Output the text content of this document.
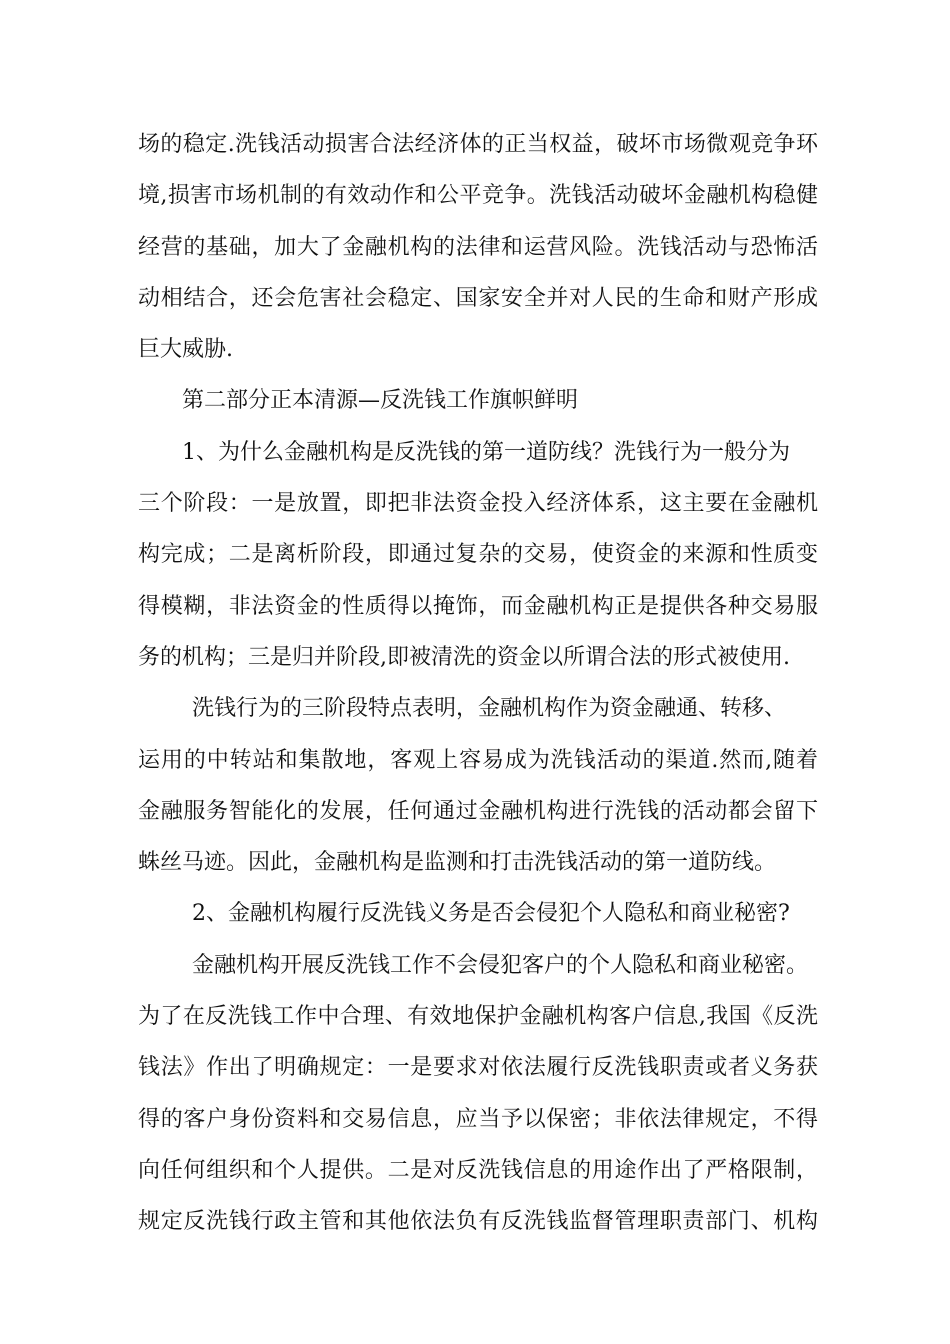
场的稳定.洗钱活动损害合法经济体的正当权益，破坏市场微观竞争环
境,损害市场机制的有效动作和公平竞争。洗钱活动破坏金融机构稳健
经营的基础，加大了金融机构的法律和运营风险。洗钱活动与恐怖活
动相结合，还会危害社会稳定、国家安全并对人民的生命和财产形成
巨大威胁.
第二部分正本清源—反洗钱工作旗帜鲜明
1、为什么金融机构是反洗钱的第一道防线？洗钱行为一般分为
三个阶段：一是放置，即把非法资金投入经济体系，这主要在金融机
构完成；二是离析阶段，即通过复杂的交易，使资金的来源和性质变
得模糊，非法资金的性质得以掩饰，而金融机构正是提供各种交易服
务的机构；三是归并阶段,即被清洗的资金以所谓合法的形式被使用.
洗钱行为的三阶段特点表明，金融机构作为资金融通、转移、
运用的中转站和集散地，客观上容易成为洗钱活动的渠道.然而,随着
金融服务智能化的发展，任何通过金融机构进行洗钱的活动都会留下
蛛丝马迹。因此，金融机构是监测和打击洗钱活动的第一道防线。
2、金融机构履行反洗钱义务是否会侵犯个人隐私和商业秘密?
金融机构开展反洗钱工作不会侵犯客户的个人隐私和商业秘密。
为了在反洗钱工作中合理、有效地保护金融机构客户信息,我国《反洗
钱法》作出了明确规定：一是要求对依法履行反洗钱职责或者义务获
得的客户身份资料和交易信息，应当予以保密；非依法律规定，不得
向任何组织和个人提供。二是对反洗钱信息的用途作出了严格限制，
规定反洗钱行政主管和其他依法负有反洗钱监督管理职责部门、机构
